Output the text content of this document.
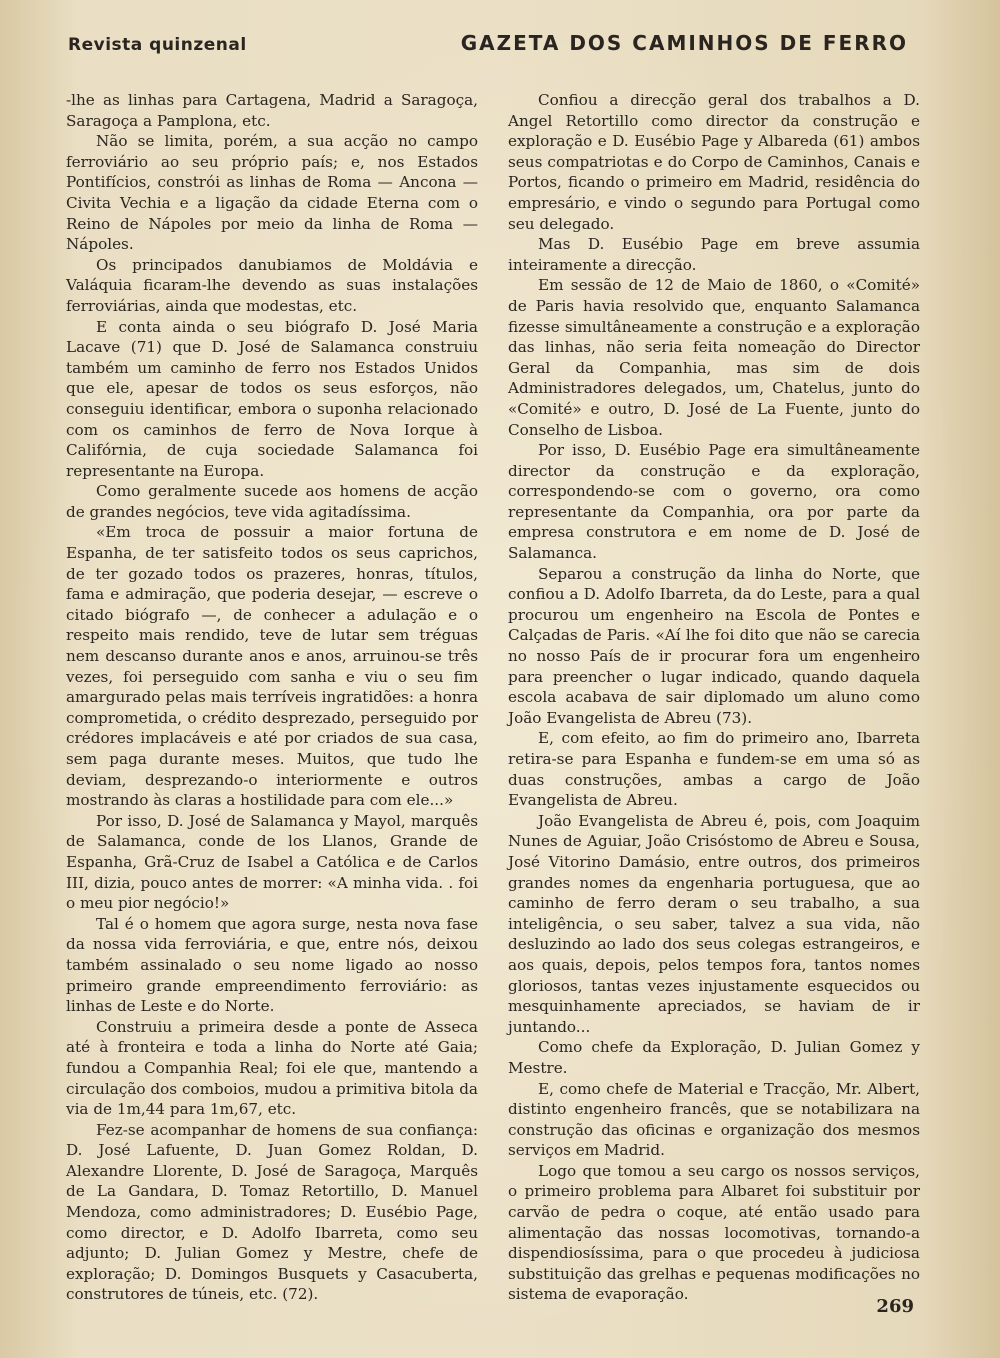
Revista quinzenal	GAZETA DOS CAMINHOS DE FERRO

-lhe as linhas para Cartagena, Madrid a Saragoça, Saragoça a Pamplona, etc.

Não se limita, porém, a sua acção no campo ferroviário ao seu próprio país; e, nos Estados Pontifícios, constrói as linhas de Roma — Ancona — Civita Vechia e a ligação da cidade Eterna com o Reino de Nápoles por meio da linha de Roma — Nápoles.

Os principados danubiamos de Moldávia e Valáquia ficaram-lhe devendo as suas instalações ferroviárias, ainda que modestas, etc.

E conta ainda o seu biógrafo D. José Maria Lacave (71) que D. José de Salamanca construiu também um caminho de ferro nos Estados Unidos que ele, apesar de todos os seus esforços, não conseguiu identificar, embora o suponha relacionado com os caminhos de ferro de Nova Iorque à Califórnia, de cuja sociedade Salamanca foi representante na Europa.

Como geralmente sucede aos homens de acção de grandes negócios, teve vida agitadíssima.

«Em troca de possuir a maior fortuna de Espanha, de ter satisfeito todos os seus caprichos, de ter gozado todos os prazeres, honras, títulos, fama e admiração, que poderia desejar, — escreve o citado biógrafo —, de conhecer a adulação e o respeito mais rendido, teve de lutar sem tréguas nem descanso durante anos e anos, arruinou-se três vezes, foi perseguido com sanha e viu o seu fim amargurado pelas mais terríveis ingratidões: a honra comprometida, o crédito desprezado, perseguido por crédores implacáveis e até por criados de sua casa, sem paga durante meses. Muitos, que tudo lhe deviam, desprezando-o interiormente e outros mostrando às claras a hostilidade para com ele...»

Por isso, D. José de Salamanca y Mayol, marquês de Salamanca, conde de los Llanos, Grande de Espanha, Grã-Cruz de Isabel a Católica e de Carlos III, dizia, pouco antes de morrer: «A minha vida. . foi o meu pior negócio!»

Tal é o homem que agora surge, nesta nova fase da nossa vida ferroviária, e que, entre nós, deixou também assinalado o seu nome ligado ao nosso primeiro grande empreendimento ferroviário: as linhas de Leste e do Norte.

Construiu a primeira desde a ponte de Asseca até à fronteira e toda a linha do Norte até Gaia; fundou a Companhia Real; foi ele que, mantendo a circulação dos comboios, mudou a primitiva bitola da via de 1m,44 para 1m,67, etc.

Fez-se acompanhar de homens de sua confiança: D. José Lafuente, D. Juan Gomez Roldan, D. Alexandre Llorente, D. José de Saragoça, Marquês de La Gandara, D. Tomaz Retortillo, D. Manuel Mendoza, como administradores; D. Eusébio Page, como director, e D. Adolfo Ibarreta, como seu adjunto; D. Julian Gomez y Mestre, chefe de exploração; D. Domingos Busquets y Casacuberta, construtores de túneis, etc. (72).

Confiou a direcção geral dos trabalhos a D. Angel Retortillo como director da construção e exploração e D. Eusébio Page y Albareda (61) ambos seus compatriotas e do Corpo de Caminhos, Canais e Portos, ficando o primeiro em Madrid, residência do empresário, e vindo o segundo para Portugal como seu delegado.

Mas D. Eusébio Page em breve assumia inteiramente a direcção.

Em sessão de 12 de Maio de 1860, o «Comité» de Paris havia resolvido que, enquanto Salamanca fizesse simultâneamente a construção e a exploração das linhas, não seria feita nomeação do Director Geral da Companhia, mas sim de dois Administradores delegados, um, Chatelus, junto do «Comité» e outro, D. José de La Fuente, junto do Conselho de Lisboa.

Por isso, D. Eusébio Page era simultâneamente director da construção e da exploração, correspondendo-se com o governo, ora como representante da Companhia, ora por parte da empresa construtora e em nome de D. José de Salamanca.

Separou a construção da linha do Norte, que confiou a D. Adolfo Ibarreta, da do Leste, para a qual procurou um engenheiro na Escola de Pontes e Calçadas de Paris. «Aí lhe foi dito que não se carecia no nosso País de ir procurar fora um engenheiro para preencher o lugar indicado, quando daquela escola acabava de sair diplomado um aluno como João Evangelista de Abreu (73).

E, com efeito, ao fim do primeiro ano, Ibarreta retira-se para Espanha e fundem-se em uma só as duas construções, ambas a cargo de João Evangelista de Abreu.

João Evangelista de Abreu é, pois, com Joaquim Nunes de Aguiar, João Crisóstomo de Abreu e Sousa, José Vitorino Damásio, entre outros, dos primeiros grandes nomes da engenharia portuguesa, que ao caminho de ferro deram o seu trabalho, a sua inteligência, o seu saber, talvez a sua vida, não desluzindo ao lado dos seus colegas estrangeiros, e aos quais, depois, pelos tempos fora, tantos nomes gloriosos, tantas vezes injustamente esquecidos ou mesquinhamente apreciados, se haviam de ir juntando...

Como chefe da Exploração, D. Julian Gomez y Mestre.

E, como chefe de Material e Tracção, Mr. Albert, distinto engenheiro francês, que se notabilizara na construção das oficinas e organização dos mesmos serviços em Madrid.

Logo que tomou a seu cargo os nossos serviços, o primeiro problema para Albaret foi substituir por carvão de pedra o coque, até então usado para alimentação das nossas locomotivas, tornando-a dispendiosíssima, para o que procedeu à judiciosa substituição das grelhas e pequenas modificações no sistema de evaporação.

269
